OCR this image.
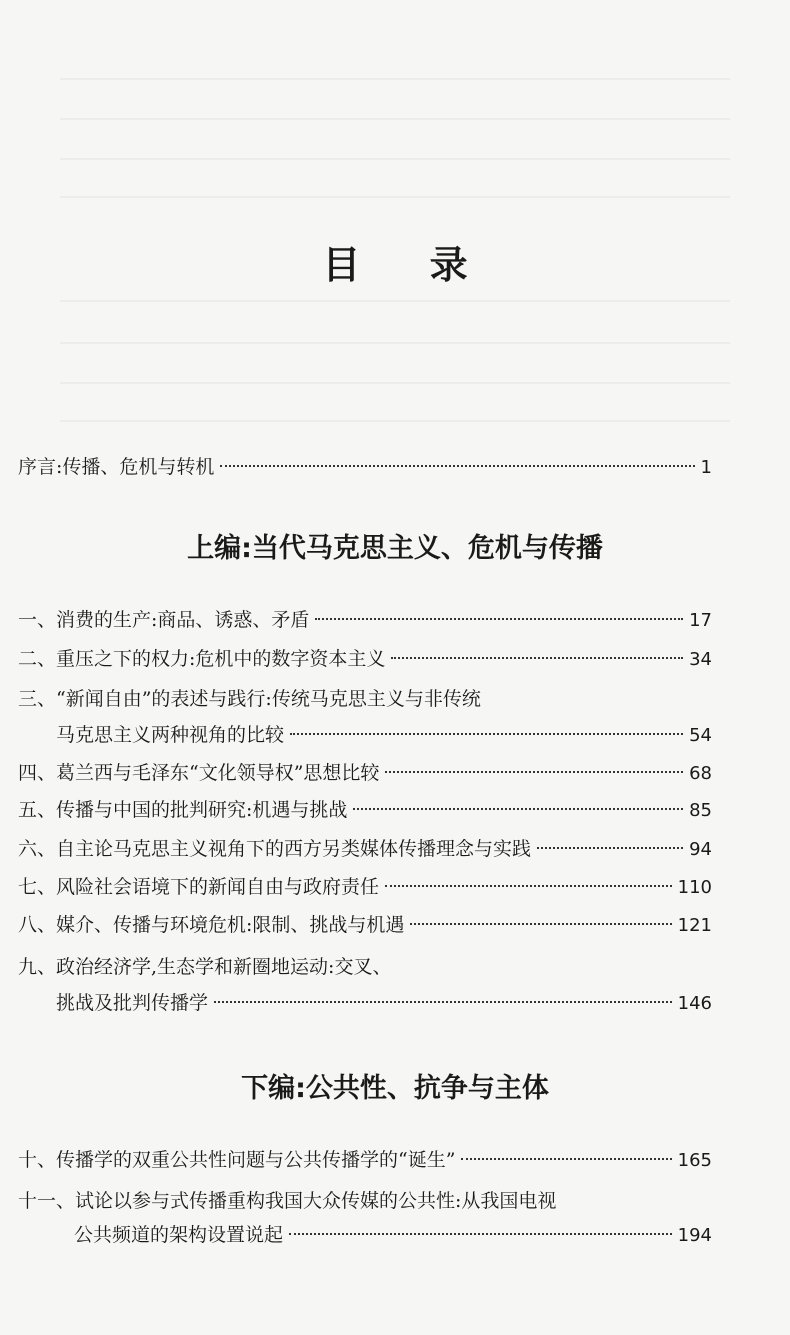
目 录
序言:传播、危机与转机	1
上编:当代马克思主义、危机与传播
一、消费的生产:商品、诱惑、矛盾	17
二、重压之下的权力:危机中的数字资本主义	34
三、“新闻自由”的表述与践行:传统马克思主义与非传统
马克思主义两种视角的比较	54
四、葛兰西与毛泽东“文化领导权”思想比较	68
五、传播与中国的批判研究:机遇与挑战	85
六、自主论马克思主义视角下的西方另类媒体传播理念与实践	94
七、风险社会语境下的新闻自由与政府责任	110
八、媒介、传播与环境危机:限制、挑战与机遇	121
九、政治经济学,生态学和新圈地运动:交叉、
挑战及批判传播学	146
下编:公共性、抗争与主体
十、传播学的双重公共性问题与公共传播学的“诞生”	165
十一、试论以参与式传播重构我国大众传媒的公共性:从我国电视
公共频道的架构设置说起	194
